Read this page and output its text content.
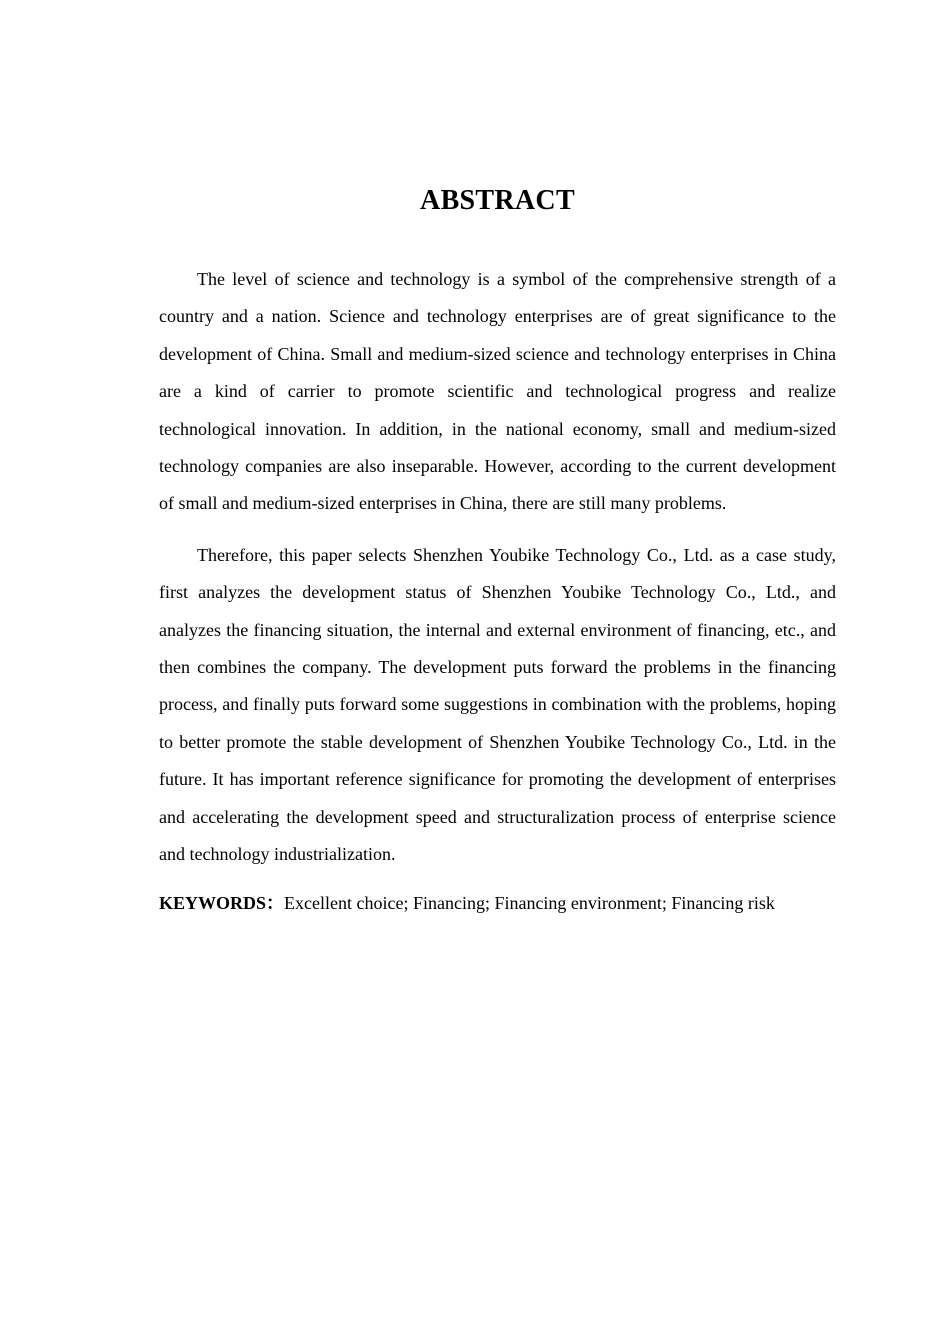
ABSTRACT

The level of science and technology is a symbol of the comprehensive strength of a country and a nation. Science and technology enterprises are of great significance to the development of China. Small and medium-sized science and technology enterprises in China are a kind of carrier to promote scientific and technological progress and realize technological innovation. In addition, in the national economy, small and medium-sized technology companies are also inseparable. However, according to the current development of small and medium-sized enterprises in China, there are still many problems.

Therefore, this paper selects Shenzhen Youbike Technology Co., Ltd. as a case study, first analyzes the development status of Shenzhen Youbike Technology Co., Ltd., and analyzes the financing situation, the internal and external environment of financing, etc., and then combines the company. The development puts forward the problems in the financing process, and finally puts forward some suggestions in combination with the problems, hoping to better promote the stable development of Shenzhen Youbike Technology Co., Ltd. in the future. It has important reference significance for promoting the development of enterprises and accelerating the development speed and structuralization process of enterprise science and technology industrialization.

KEYWORDS：Excellent choice; Financing; Financing environment; Financing risk
